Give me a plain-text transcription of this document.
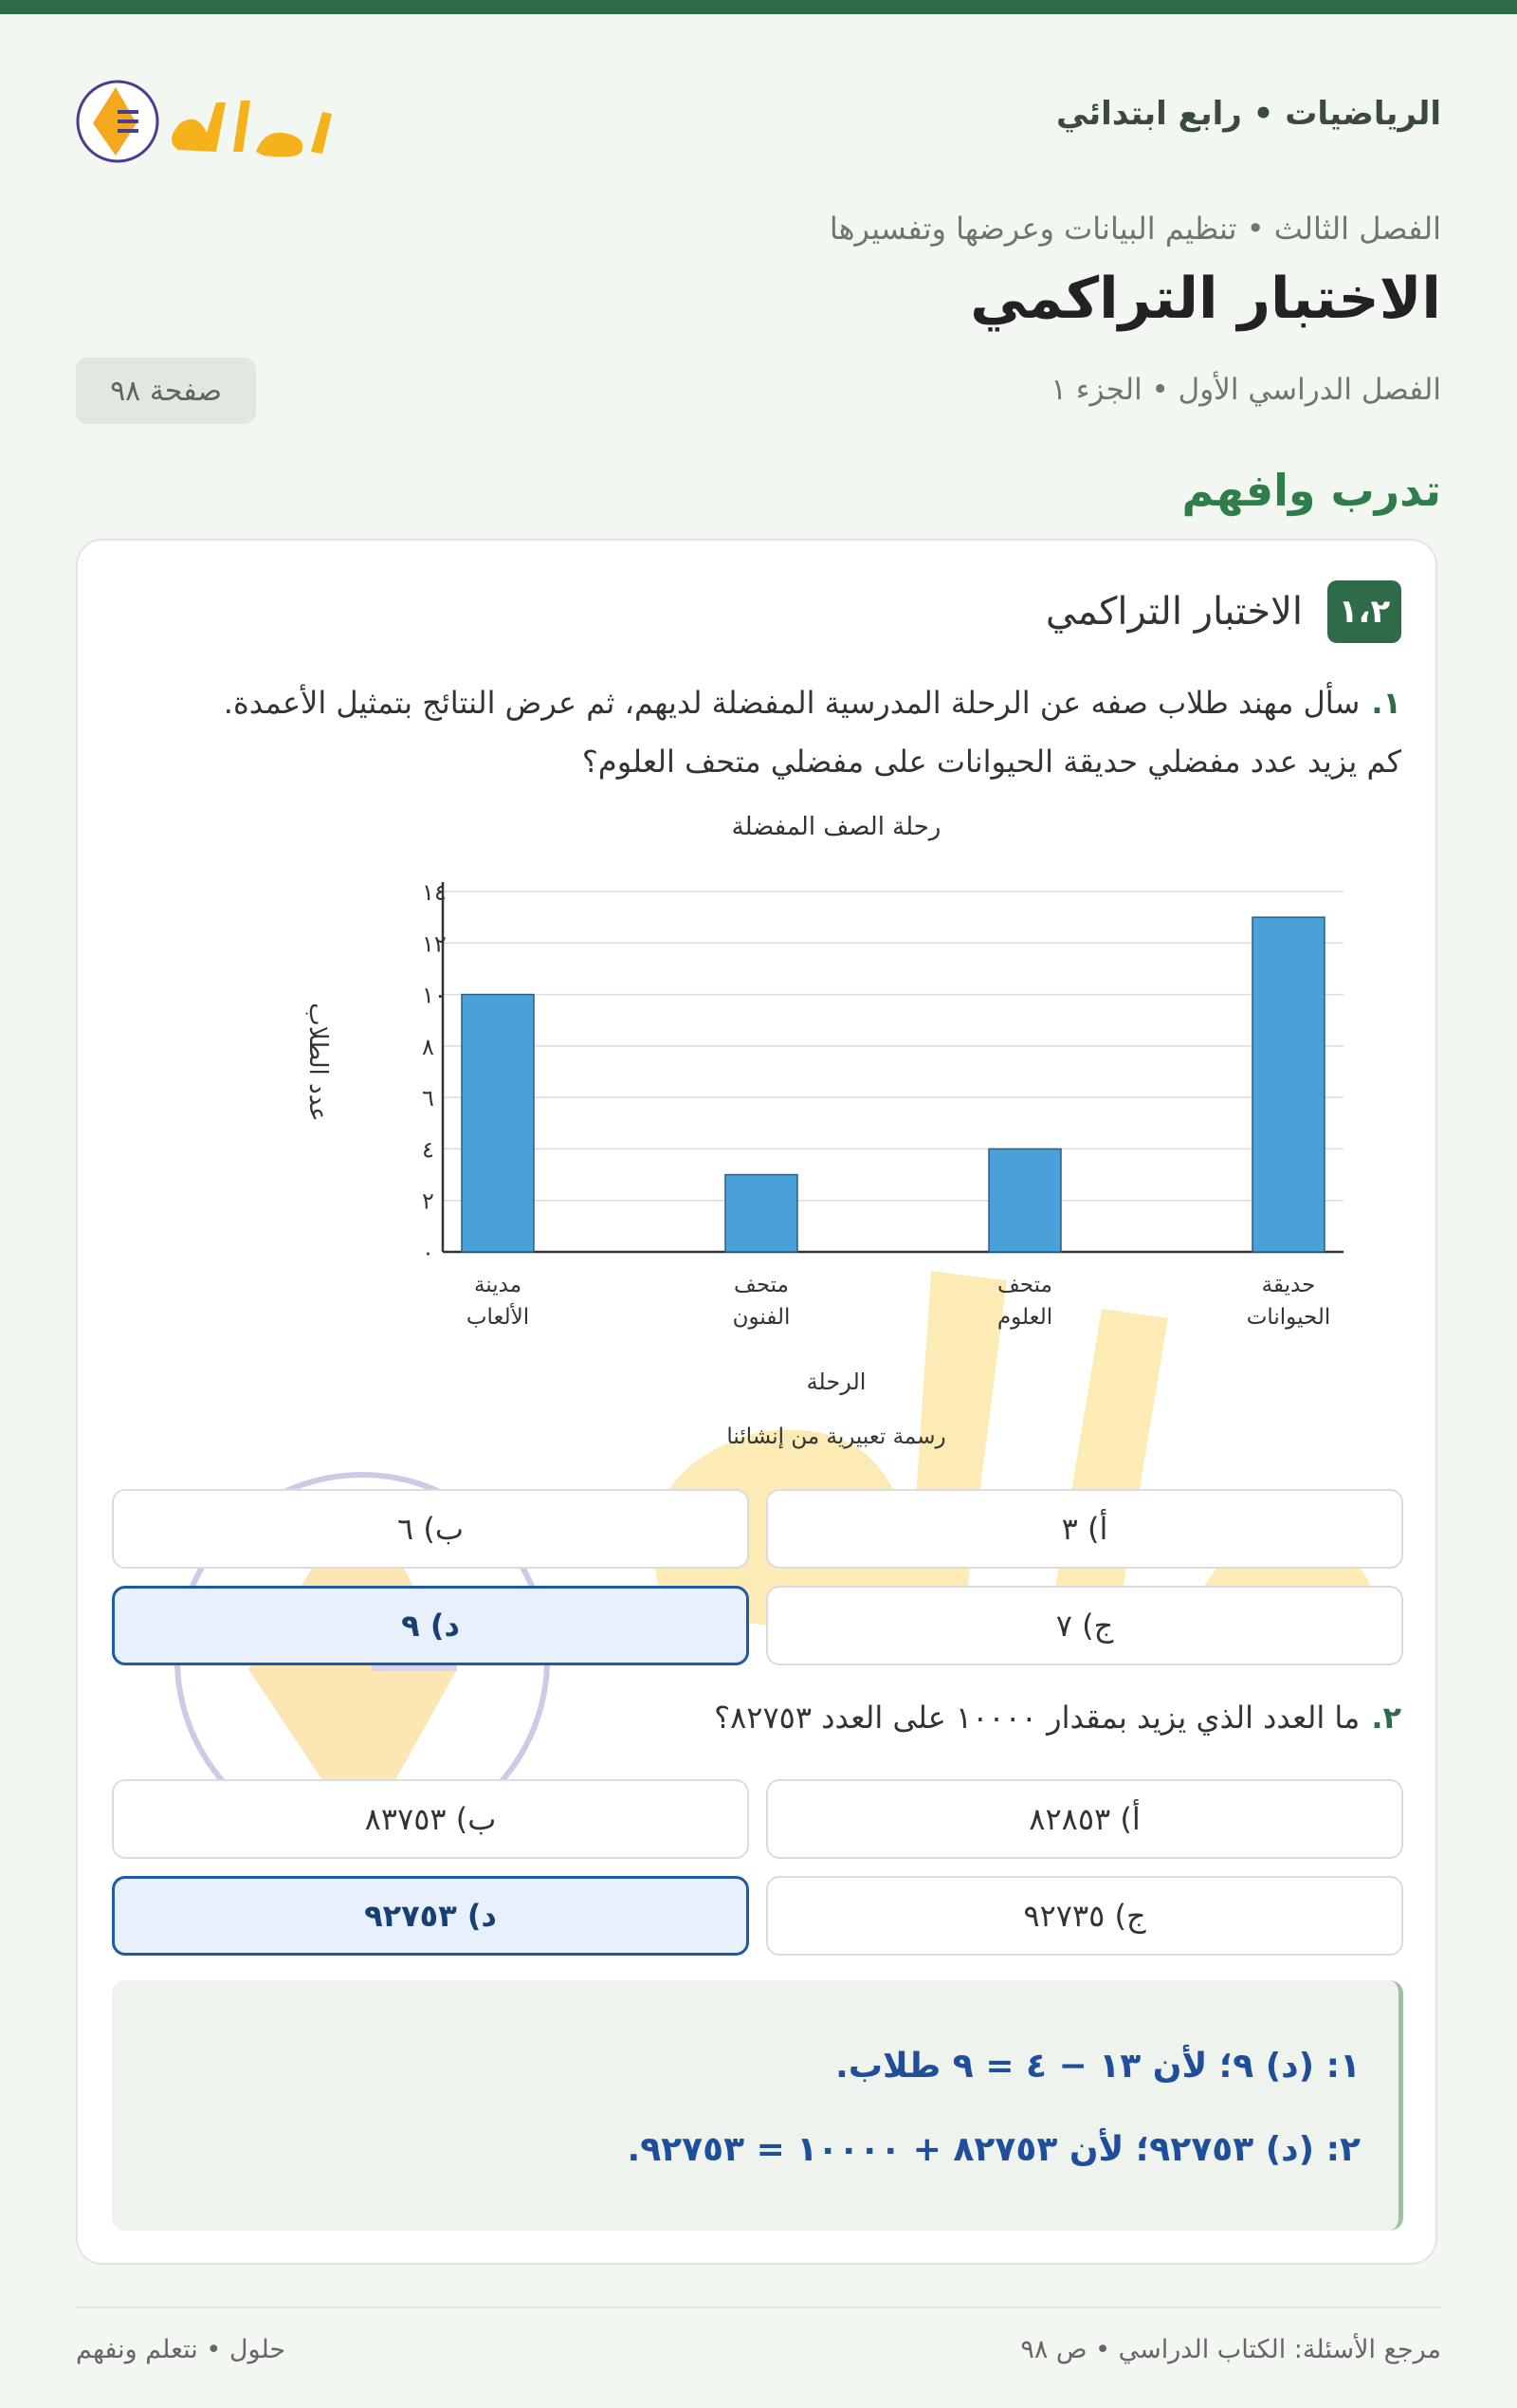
الرياضيات • رابع ابتدائي
الفصل الثالث • تنظيم البيانات وعرضها وتفسيرها
الاختبار التراكمي
الفصل الدراسي الأول • الجزء ١
صفحة ٩٨
تدرب وافهم
١،٢
الاختبار التراكمي
١.سأل مهند طلاب صفه عن الرحلة المدرسية المفضلة لديهم، ثم عرض النتائج بتمثيل الأعمدة.
كم يزيد عدد مفضلي حديقة الحيوانات على مفضلي متحف العلوم؟
رحلة الصف المفضلة
٠
٢
٤
٦
٨
١٠
١٢
١٤
مدينة
الألعاب
متحف
الفنون
متحف
العلوم
حديقة
الحيوانات
الرحلة
رسمة تعبيرية من إنشائنا
عدد الطلاب
أ) ٣
ب) ٦
ج) ٧
د) ٩
٢.ما العدد الذي يزيد بمقدار ١٠٠٠٠ على العدد ٨٢٧٥٣؟
أ) ٨٢٨٥٣
ب) ٨٣٧٥٣
ج) ٩٢٧٣٥
د) ٩٢٧٥٣
١: (د) ٩؛ لأن ١٣ − ٤ = ٩ طلاب.
٢: (د) ٩٢٧٥٣؛ لأن ٨٢٧٥٣ + ١٠٠٠٠ = ٩٢٧٥٣.
مرجع الأسئلة: الكتاب الدراسي • ص ٩٨
حلول • نتعلم ونفهم
